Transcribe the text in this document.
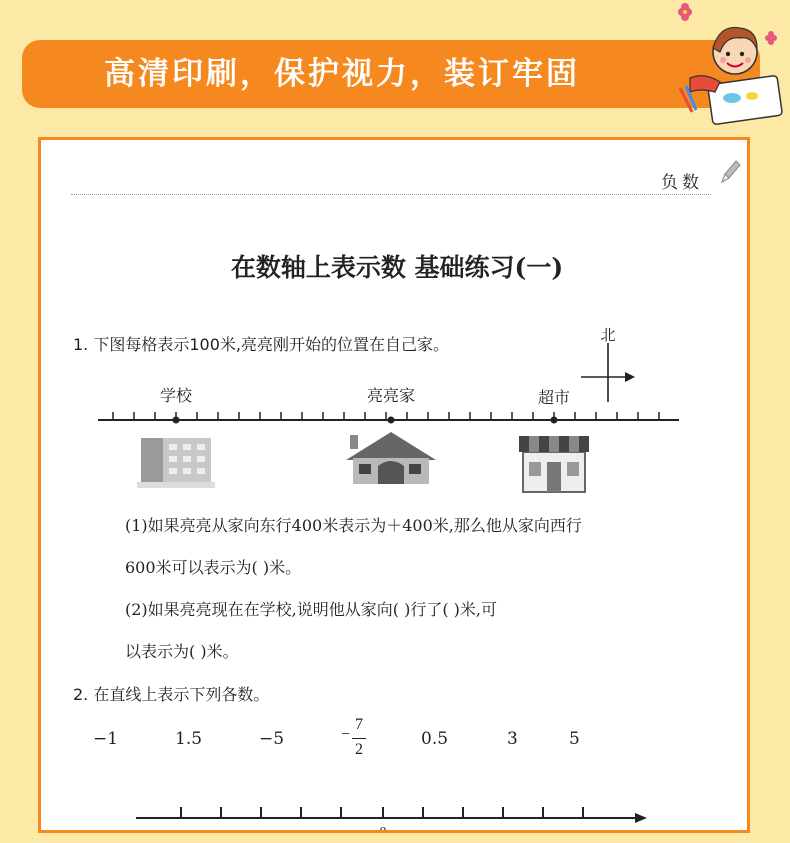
高清印刷，保护视力，装订牢固
负数
在数轴上表示数 基础练习(一)
1. 下图每格表示100米,亮亮刚开始的位置在自己家。	北
学校	亮亮家	超市
(1)如果亮亮从家向东行400米表示为＋400米,那么他从家向西行
600米可以表示为( )米。
(2)如果亮亮现在在学校,说明他从家向( )行了( )米,可
以表示为( )米。
2. 在直线上表示下列各数。
−1	1.5	−5	−
7
2
0.5	3	5
0
